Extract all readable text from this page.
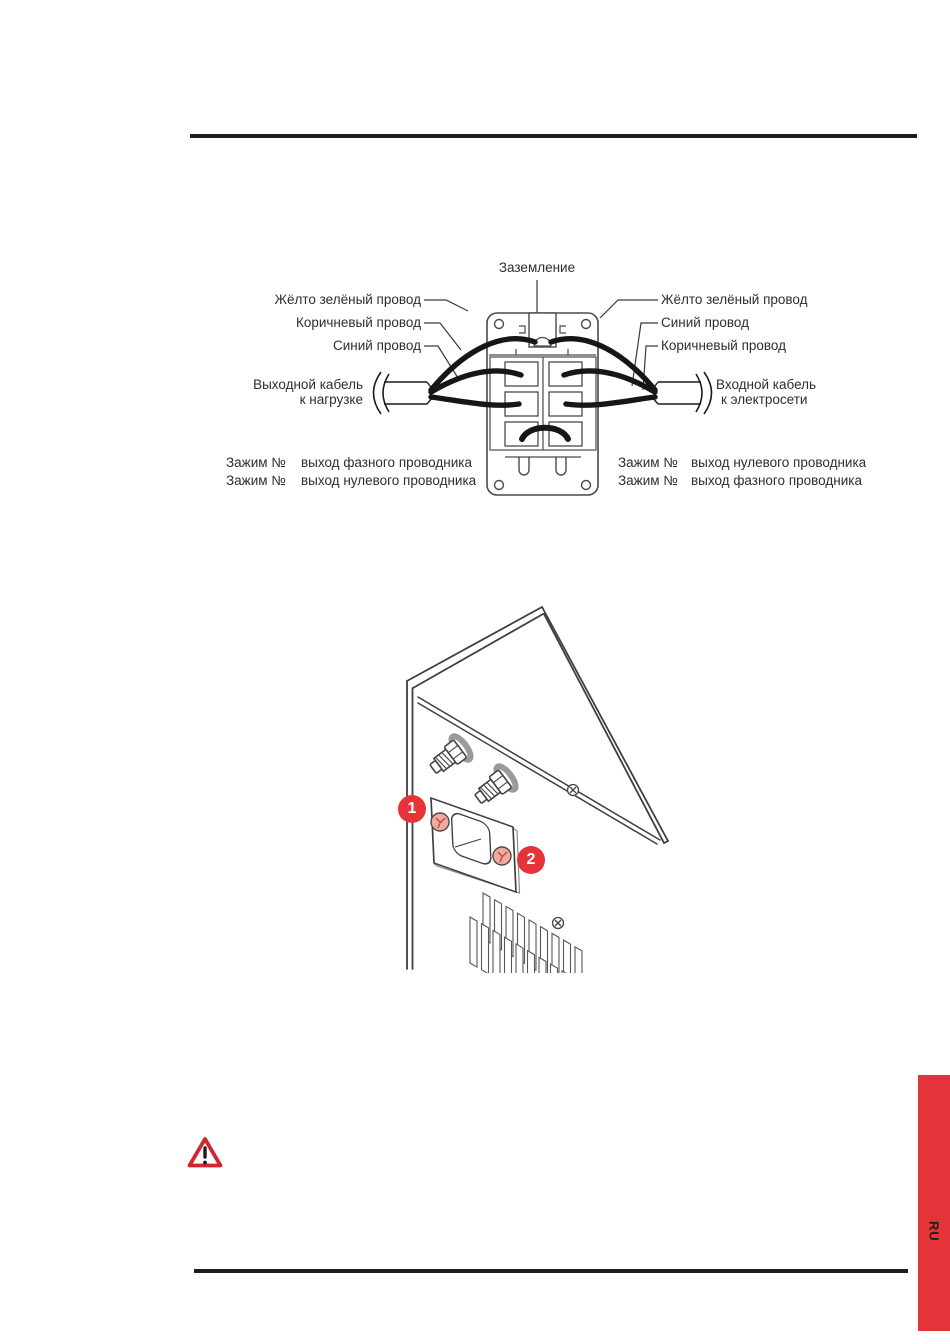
Заземление
Жёлто зелёный провод
Коричневый провод
Синий провод
Жёлто зелёный провод
Синий провод
Коричневый провод
Выходной кабель
к нагрузке
Входной кабель
к электросети
Зажим № выход фазного проводника
Зажим № выход нулевого проводника
Зажим № выход нулевого проводника
Зажим № выход фазного проводника
1
2
RU
